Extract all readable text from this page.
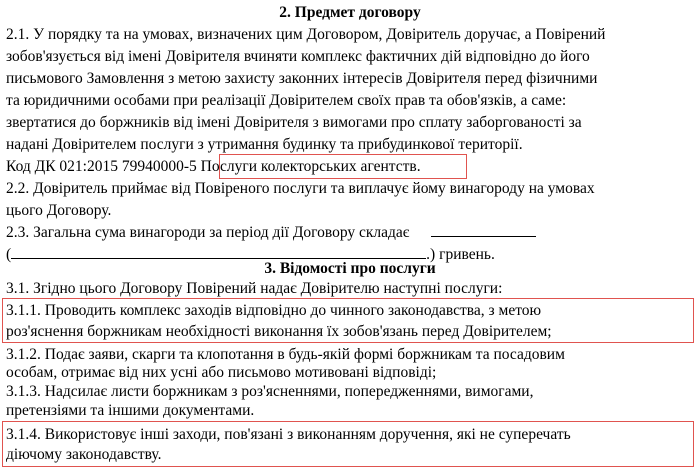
2. Предмет договору
2.1. У порядку та на умовах, визначених цим Договором, Довіритель доручає, а Повірений
зобов'язується від імені Довірителя вчиняти комплекс фактичних дій відповідно до його
письмового Замовлення з метою захисту законних інтересів Довірителя перед фізичними
та юридичними особами при реалізації Довірителем своїх прав та обов'язків, а саме:
звертатися до боржників від імені Довірителя з вимогами про сплату заборгованості за
надані Довірителем послуги з утримання будинку та прибудинкової території.
Код ДК 021:2015 79940000-5 Послуги колекторських агентств.
2.2. Довіритель приймає від Повіреного послуги та виплачує йому винагороду на умовах
цього Договору.
2.3. Загальна сума винагороди за період дії Договору складає
(	.) гривень.
3. Відомості про послуги
3.1. Згідно цього Договору Повірений надає Довірителю наступні послуги:
3.1.1. Проводить комплекс заходів відповідно до чинного законодавства, з метою
роз'яснення боржникам необхідності виконання їх зобов'язань перед Довірителем;
3.1.2. Подає заяви, скарги та клопотання в будь-якій формі боржникам та посадовим
особам, отримає від них усні або письмово мотивовані відповіді;
3.1.3. Надсилає листи боржникам з роз'ясненнями, попередженнями, вимогами,
претензіями та іншими документами.
3.1.4. Використовує інші заходи, пов'язані з виконанням доручення, які не суперечать
діючому законодавству.
